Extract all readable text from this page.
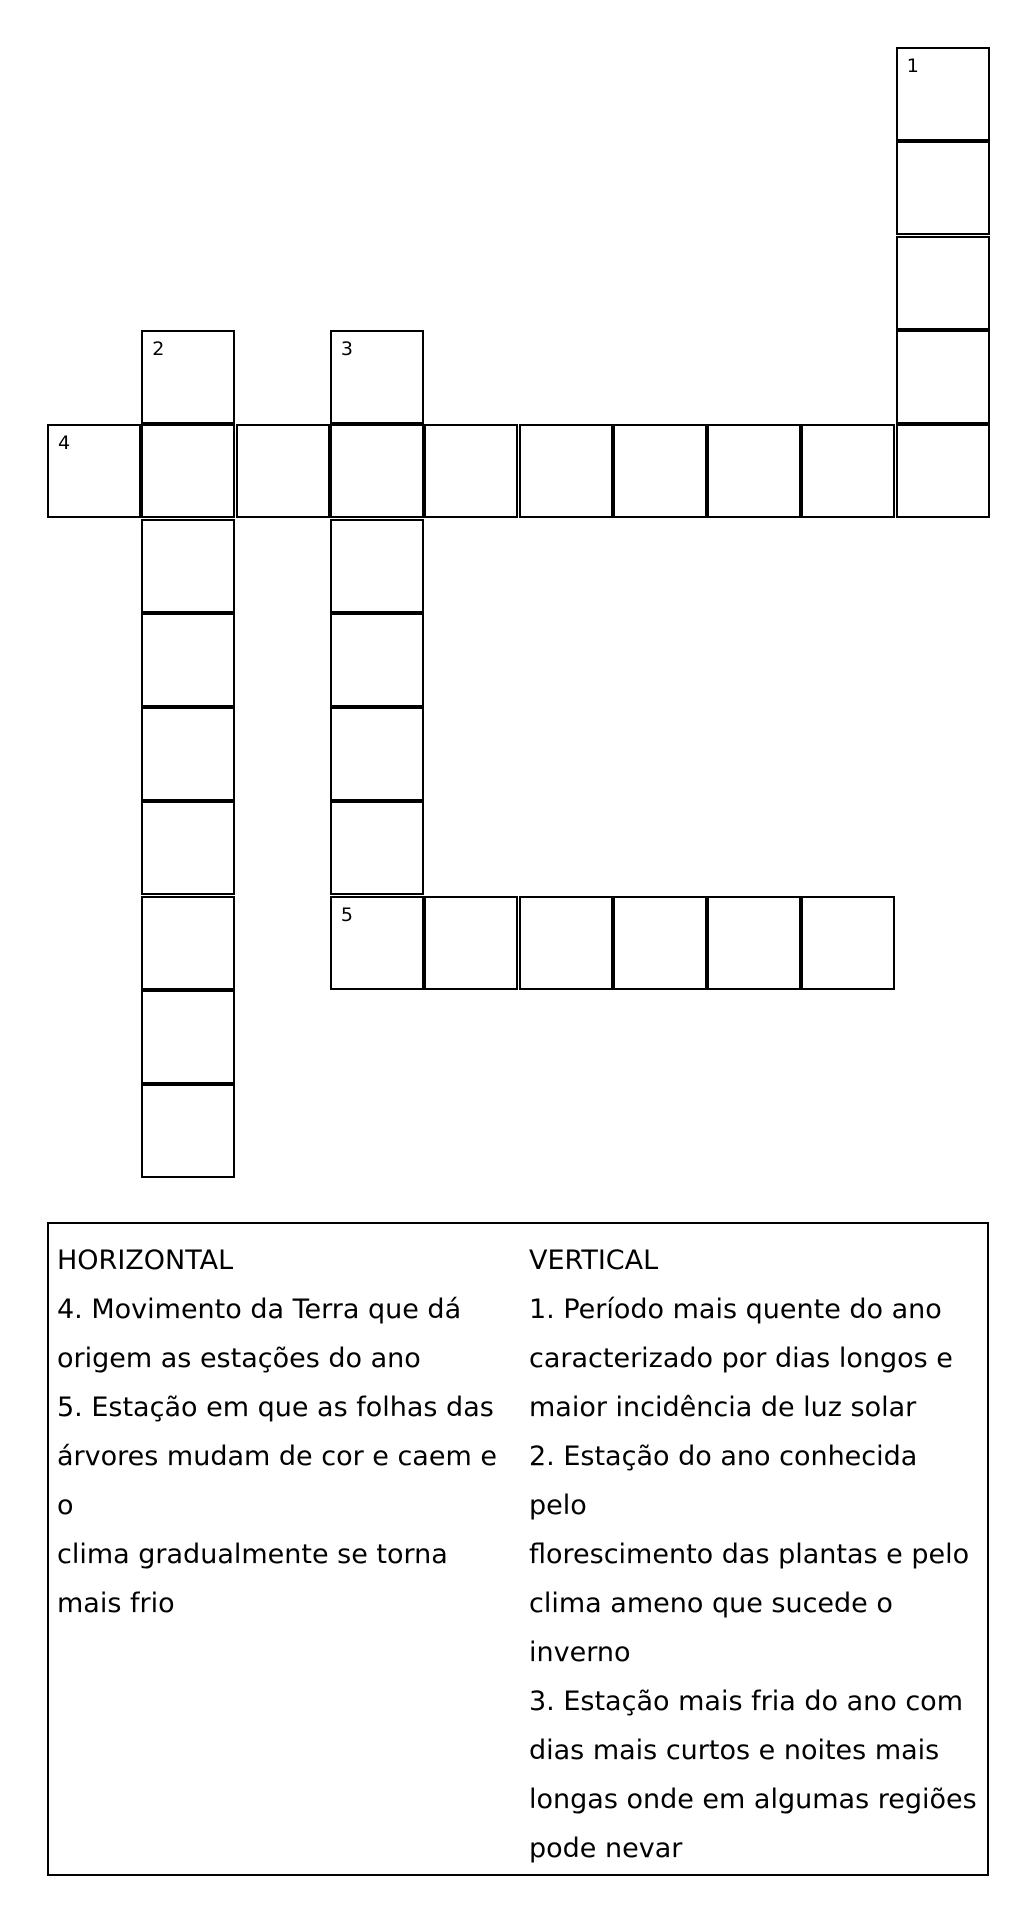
1
2	3
4
5
HORIZONTAL
4. Movimento da Terra que dá
origem as estações do ano
5. Estação em que as folhas das
árvores mudam de cor e caem e o
clima gradualmente se torna
mais frio
VERTICAL
1. Período mais quente do ano
caracterizado por dias longos e
maior incidência de luz solar
2. Estação do ano conhecida pelo
florescimento das plantas e pelo
clima ameno que sucede o
inverno
3. Estação mais fria do ano com
dias mais curtos e noites mais
longas onde em algumas regiões
pode nevar
